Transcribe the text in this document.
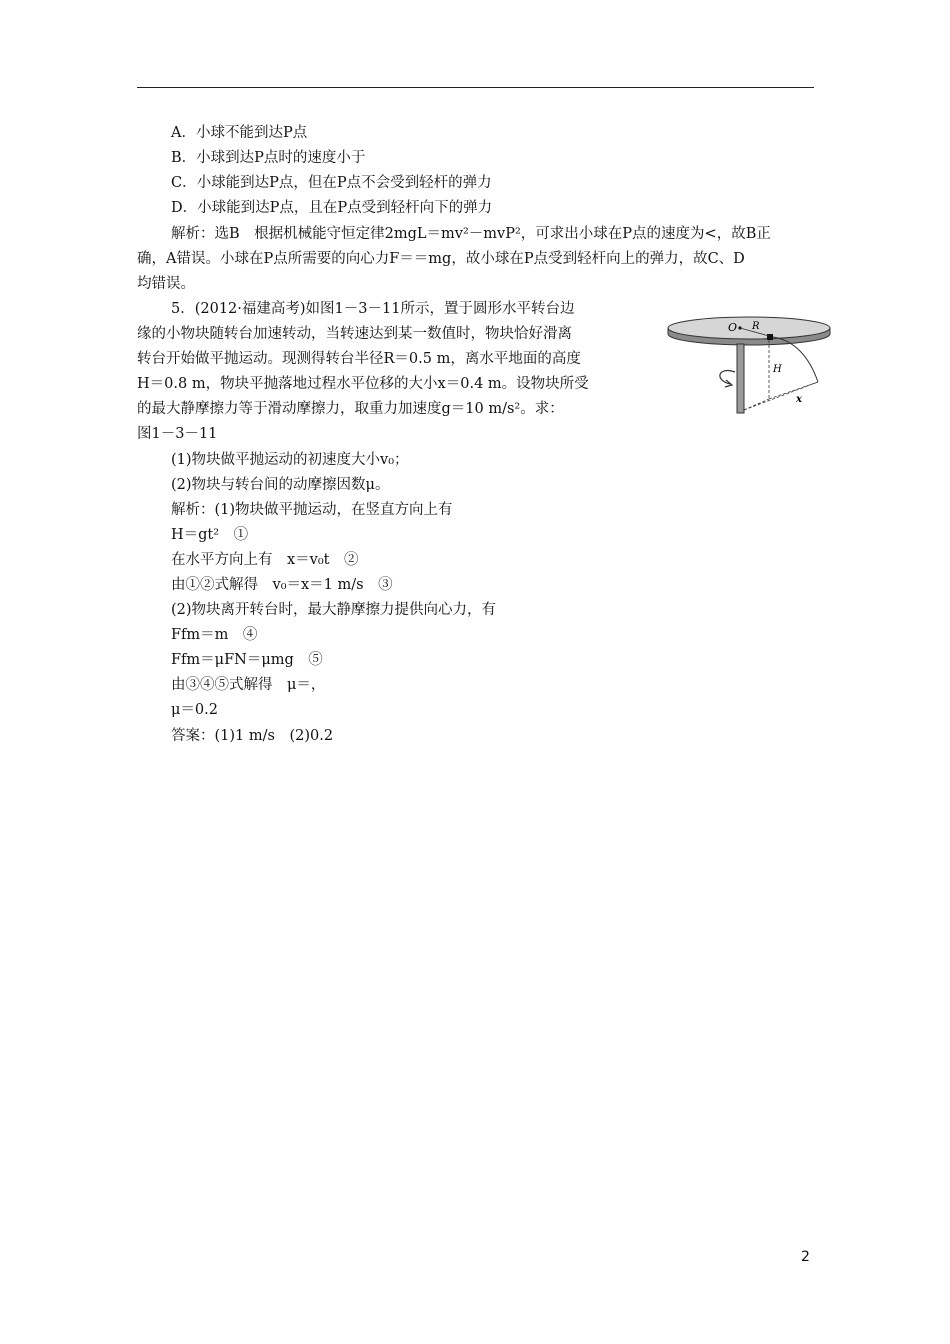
A．小球不能到达P点
B．小球到达P点时的速度小于
C．小球能到达P点，但在P点不会受到轻杆的弹力
D．小球能到达P点，且在P点受到轻杆向下的弹力
解析：选B　根据机械能守恒定律2mgL＝mv²－mvP²，可求出小球在P点的速度为<，故B正
确，A错误。小球在P点所需要的向心力F＝＝mg，故小球在P点受到轻杆向上的弹力，故C、D
均错误。
5．(2012·福建高考)如图1－3－11所示，置于圆形水平转台边
缘的小物块随转台加速转动，当转速达到某一数值时，物块恰好滑离
转台开始做平抛运动。现测得转台半径R＝0.5 m，离水平地面的高度
H＝0.8 m，物块平抛落地过程水平位移的大小x＝0.4 m。设物块所受
的最大静摩擦力等于滑动摩擦力，取重力加速度g＝10 m/s²。求：
图1－3－11
O R
H
x
(1)物块做平抛运动的初速度大小v₀；
(2)物块与转台间的动摩擦因数μ。
解析：(1)物块做平抛运动，在竖直方向上有
H＝gt²　①
在水平方向上有　x＝v₀t　②
由①②式解得　v₀＝x＝1 m/s　③
(2)物块离开转台时，最大静摩擦力提供向心力，有
Ffm＝m　④
Ffm＝μFN＝μmg　⑤
由③④⑤式解得　μ＝，
μ＝0.2
答案：(1)1 m/s　(2)0.2
2
